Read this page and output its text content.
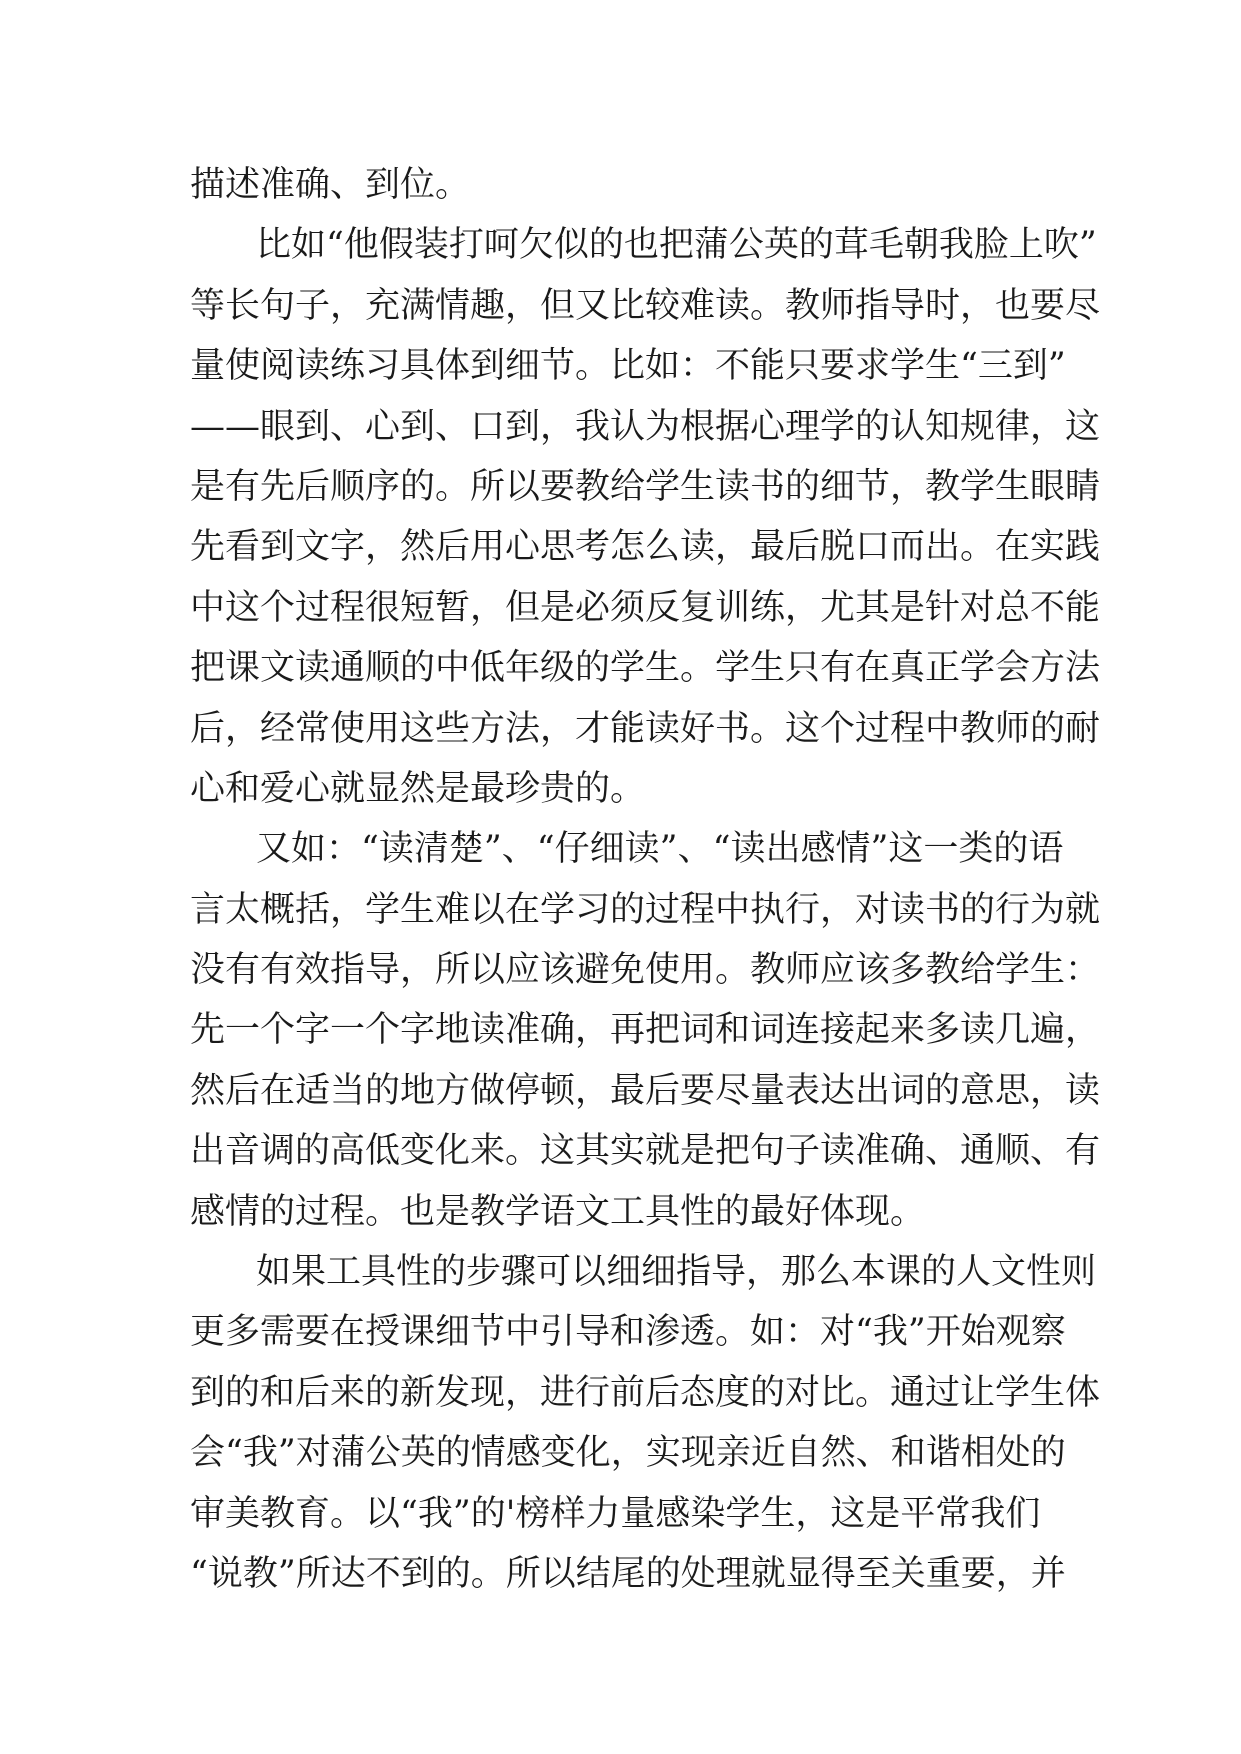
描述准确、到位。
比如“他假装打呵欠似的也把蒲公英的茸毛朝我脸上吹”
等长句子，充满情趣，但又比较难读。教师指导时，也要尽
量使阅读练习具体到细节。比如：不能只要求学生“三到”
——眼到、心到、口到，我认为根据心理学的认知规律，这
是有先后顺序的。所以要教给学生读书的细节，教学生眼睛
先看到文字，然后用心思考怎么读，最后脱口而出。在实践
中这个过程很短暂，但是必须反复训练，尤其是针对总不能
把课文读通顺的中低年级的学生。学生只有在真正学会方法
后，经常使用这些方法，才能读好书。这个过程中教师的耐
心和爱心就显然是最珍贵的。
又如：“读清楚”、“仔细读”、“读出感情”这一类的语
言太概括，学生难以在学习的过程中执行，对读书的行为就
没有有效指导，所以应该避免使用。教师应该多教给学生：
先一个字一个字地读准确，再把词和词连接起来多读几遍，
然后在适当的地方做停顿，最后要尽量表达出词的意思，读
出音调的高低变化来。这其实就是把句子读准确、通顺、有
感情的过程。也是教学语文工具性的最好体现。
如果工具性的步骤可以细细指导，那么本课的人文性则
更多需要在授课细节中引导和渗透。如：对“我”开始观察
到的和后来的新发现，进行前后态度的对比。通过让学生体
会“我”对蒲公英的情感变化，实现亲近自然、和谐相处的
审美教育。以“我”的'榜样力量感染学生，这是平常我们
“说教”所达不到的。所以结尾的处理就显得至关重要，并
